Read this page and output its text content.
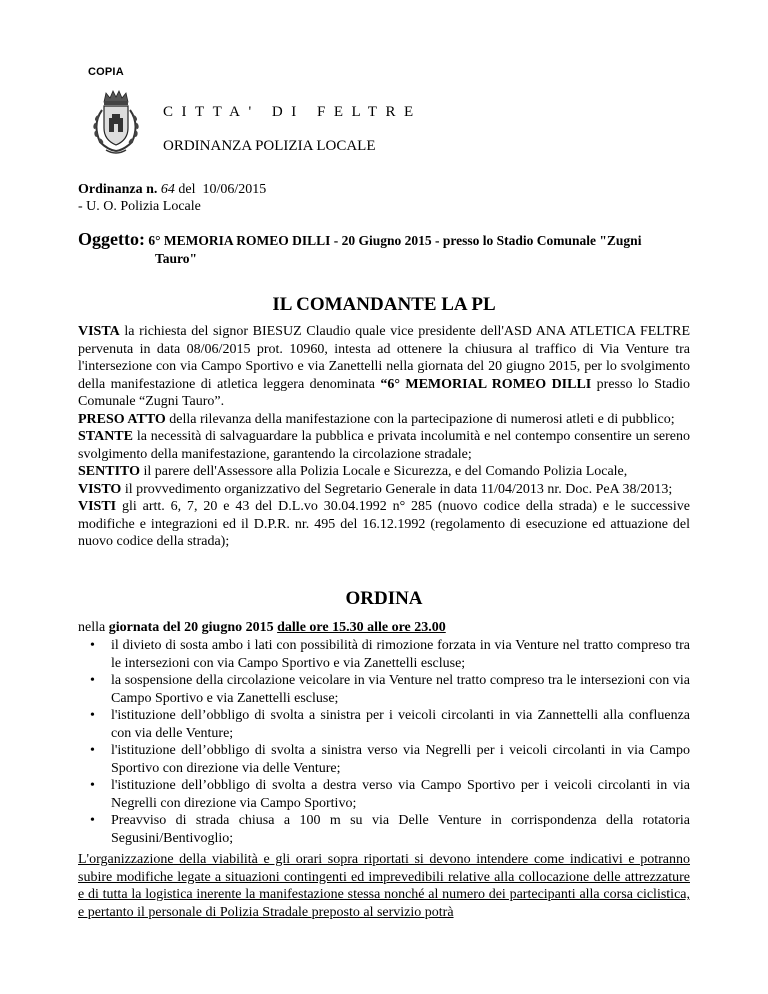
COPIA
CITTA' DI FELTRE
ORDINANZA POLIZIA LOCALE
Ordinanza n. 64 del 10/06/2015
- U. O. Polizia Locale
Oggetto: 6° MEMORIA ROMEO DILLI - 20 Giugno 2015 - presso lo Stadio Comunale "Zugni
Tauro"
IL COMANDANTE LA PL

VISTA la richiesta del signor BIESUZ Claudio quale vice presidente dell'ASD ANA ATLETICA FELTRE pervenuta in data 08/06/2015 prot. 10960, intesta ad ottenere la chiusura al traffico di Via Venture tra l'intersezione con via Campo Sportivo e via Zanettelli nella giornata del 20 giugno 2015, per lo svolgimento della manifestazione di atletica leggera denominata “6° MEMORIAL ROMEO DILLI presso lo Stadio Comunale “Zugni Tauro”.

PRESO ATTO della rilevanza della manifestazione con la partecipazione di numerosi atleti e di pubblico;

STANTE la necessità di salvaguardare la pubblica e privata incolumità e nel contempo consentire un sereno svolgimento della manifestazione, garantendo la circolazione stradale;

SENTITO il parere dell'Assessore alla Polizia Locale e Sicurezza, e del Comando Polizia Locale,

VISTO il provvedimento organizzativo del Segretario Generale in data 11/04/2013 nr. Doc. PeA 38/2013;

VISTI gli artt. 6, 7, 20 e 43 del D.L.vo 30.04.1992 n° 285 (nuovo codice della strada) e le successive modifiche e integrazioni ed il D.P.R. nr. 495 del 16.12.1992 (regolamento di esecuzione ed attuazione del nuovo codice della strada);

ORDINA
nella giornata del 20 giugno 2015 dalle ore 15.30 alle ore 23.00
• il divieto di sosta ambo i lati con possibilità di rimozione forzata in via Venture nel tratto compreso tra le intersezioni con via Campo Sportivo e via Zanettelli escluse;
• la sospensione della circolazione veicolare in via Venture nel tratto compreso tra le intersezioni con via Campo Sportivo e via Zanettelli escluse;
• l'istituzione dell’obbligo di svolta a sinistra per i veicoli circolanti in via Zannettelli alla confluenza con via delle Venture;
• l'istituzione dell’obbligo di svolta a sinistra verso via Negrelli per i veicoli circolanti in via Campo Sportivo con direzione via delle Venture;
• l'istituzione dell’obbligo di svolta a destra verso via Campo Sportivo per i veicoli circolanti in via Negrelli con direzione via Campo Sportivo;
• Preavviso di strada chiusa a 100 m su via Delle Venture in corrispondenza della rotatoria Segusini/Bentivoglio;
L'organizzazione della viabilità e gli orari sopra riportati si devono intendere come indicativi e potranno subire modifiche legate a situazioni contingenti ed imprevedibili relative alla collocazione delle attrezzature e di tutta la logistica inerente la manifestazione stessa nonché al numero dei partecipanti alla corsa ciclistica, e pertanto il personale di Polizia Stradale preposto al servizio potrà
